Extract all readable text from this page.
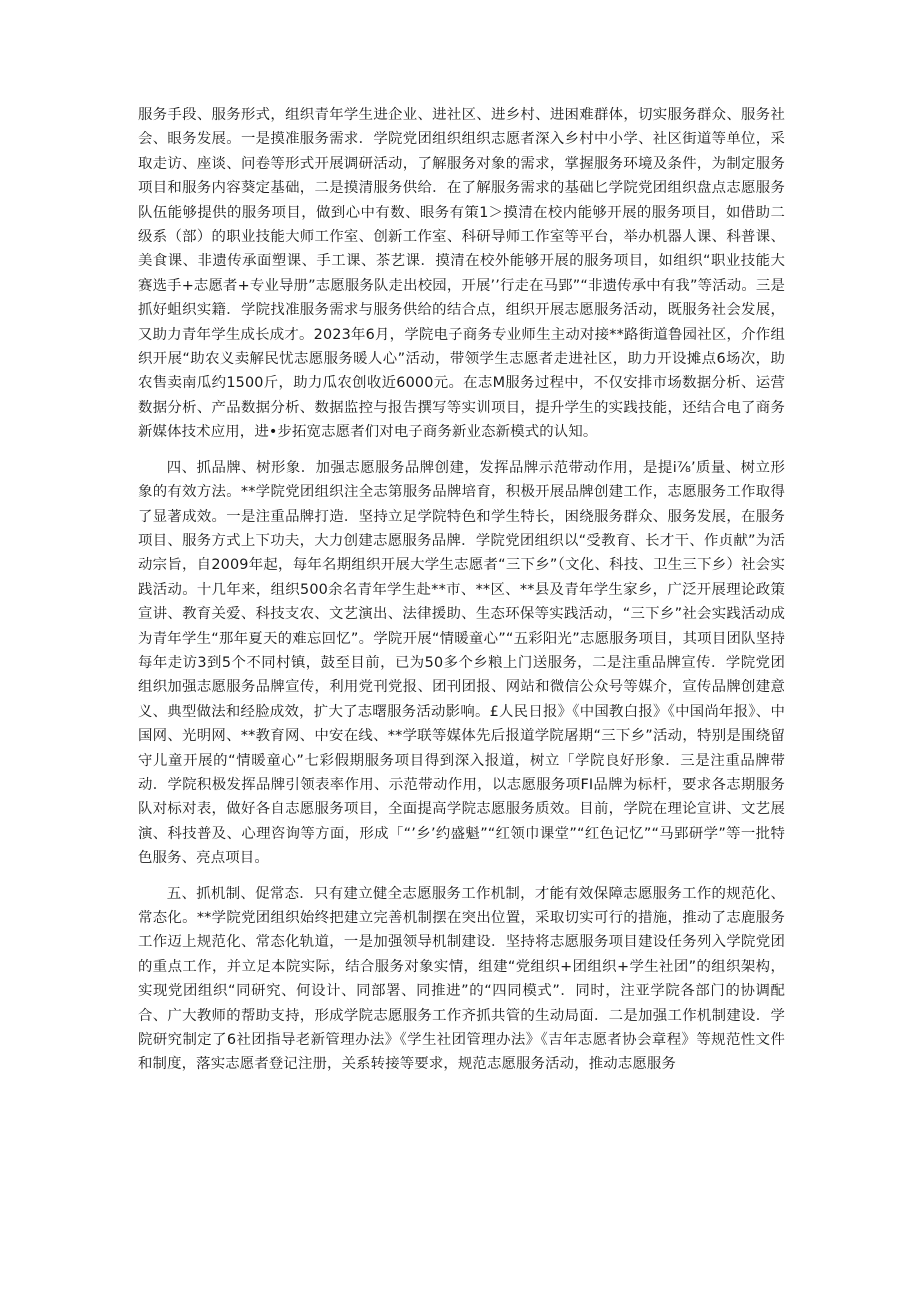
服务手段、服务形式，组织青年学生进企业、进社区、进乡村、进困难群体，切实服务群众、服务社会、眼务发展。一是摸准服务需求．学院党团组织组织志愿者深入乡村中小学、社区街道等单位，采取走访、座谈、问卷等形式开展调研活动，了解服务对象的需求，掌握服务环境及条件，为制定服务项目和服务内容葵定基础，二是摸清服务供给．在了解服务需求的基础匕学院党团组织盘点志愿服务队伍能够提供的服务项目，做到心中有数、眼务有策1＞摸清在校内能够开展的服务项目，如借助二级系（部）的职业技能大师工作室、创新工作室、科研导师工作室等平台，举办机器人课、科普课、美食课、非遗传承面塑课、手工课、茶艺课．摸清在校外能够开展的服务项目，如组织“职业技能大赛选手+志愿者+专业导册”志愿服务队走出校园，开展’’行走在马郢”“非遗传承中有我”等活动。三是抓好蛆织实籍．学院找准服务需求与服务供给的结合点，组织开展志愿服务活动，既服务社会发展，又助力青年学生成长成才。2023年6月，学院电子商务专业师生主动对接**路街道鲁园社区，介作组织开展“助农义卖解民忧志愿服务暖人心”活动，带领学生志愿者走进社区，助力开设摊点6场次，助农售卖南瓜约1500斤，助力瓜农创收近6000元。在志M服务过程中，不仅安排市场数据分析、运营数据分析、产品数据分析、数据监控与报告撰写等实训项目，提升学生的实践技能，还结合电了商务新媒体技术应用，进•步拓宽志愿者们对电子商务新业态新模式的认知。

四、抓品牌、树形象．加强志愿服务品牌创建，发挥品牌示范带动作用，是提i⅞’质量、树立形象的有效方法。**学院党团组织注全志第服务品牌培育，积极开展品牌创建工作，志愿服务工作取得了显著成效。一是注重品牌打造．坚持立足学院特色和学生特长，困绕服务群众、服务发展，在服务项目、服务方式上下功夫，大力创建志愿服务品牌．学院党团组织以“受教育、长才干、作贞献”为活动宗旨，自2009年起，每年名期组织开展大学生志愿者“三下乡”（文化、科技、卫生三下乡）社会实践活动。十几年来，组织500余名青年学生赴**市、**区、**县及青年学生家乡，广泛开展理论政策宣讲、教育关爱、科技支农、文艺演出、法律援助、生态环保等实践活动，“三下乡”社会实践活动成为青年学生“那年夏天的难忘回忆”。学院开展“情暖童心”“五彩阳光”志愿服务项目，其项目团队坚持每年走访3到5个不同村镇，鼓至目前，已为50多个乡粮上门送服务，二是注重品牌宣传．学院党团组织加强志愿服务品牌宣传，利用党刊党报、团刊团报、网站和微信公众号等媒介，宣传品牌创建意义、典型做法和经脸成效，扩大了志曙服务活动影响。£人民日报》《中国教白报》《中国尚年报》、中国网、光明网、**教育网、中安在线、**学联等媒体先后报道学院屠期“三下乡”活动，特别是围绕留守儿童开展的“情暖童心”七彩假期服务项目得到深入报道，树立「学院良好形象．三是注重品牌带动．学院积极发挥品牌引领表率作用、示范带动作用，以志愿服务项FI品牌为标杆，要求各志期服务队对标对表，做好各自志愿服务项目，全面提高学院志愿服务质效。目前，学院在理论宣讲、文艺展演、科技普及、心理咨询等方面，形成「“’乡’约盛魁”“红领巾课堂”“红色记忆”“马郢研学”等一批特色服务、亮点项目。

五、抓机制、促常态．只有建立健全志愿服务工作机制，才能有效保障志愿服务工作的规范化、常态化。**学院党团组织始终把建立完善机制摆在突出位置，采取切实可行的措施，推动了志鹿服务工作迈上规范化、常态化轨道，一是加强领导机制建设．坚持将志愿服务项目建设任务列入学院党团的重点工作，并立足本院实际，结合服务对象实情，组建“党组织+团组织+学生社团”的组织架构，实现党团组织“同研究、何设计、同部署、同推进”的“四同模式”．同时，注亚学院各部门的协调配合、广大教师的帮助支持，形成学院志愿服务工作齐抓共管的生动局面．二是加强工作机制建设．学院研究制定了6社团指导老新管理办法》《学生社团管理办法》《吉年志愿者协会章程》等规范性文件和制度，落实志愿者登记注册，关系转接等要求，规范志愿服务活动，推动志愿服务
